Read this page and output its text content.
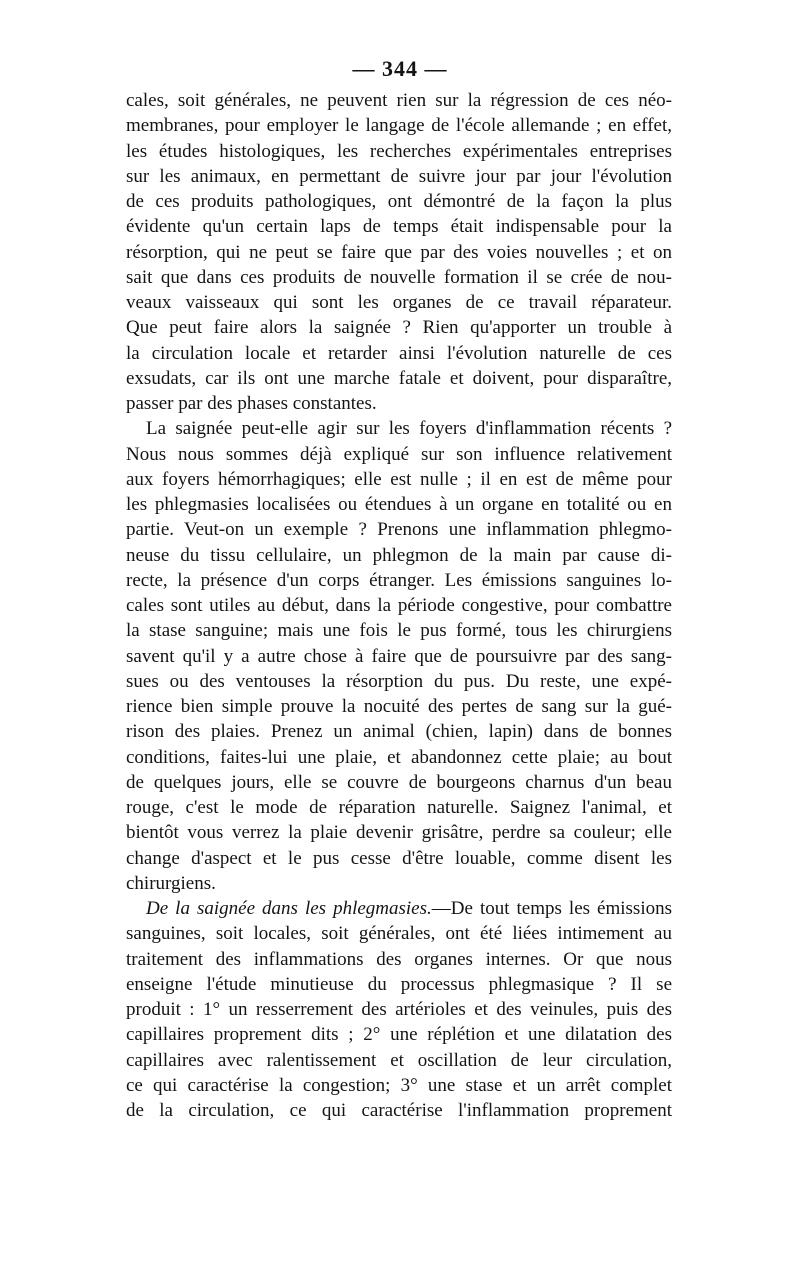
— 344 —
cales, soit générales, ne peuvent rien sur la régression de ces néo-
membranes, pour employer le langage de l'école allemande ; en effet,
les études histologiques, les recherches expérimentales entreprises
sur les animaux, en permettant de suivre jour par jour l'évolution
de ces produits pathologiques, ont démontré de la façon la plus
évidente qu'un certain laps de temps était indispensable pour la
résorption, qui ne peut se faire que par des voies nouvelles ; et on
sait que dans ces produits de nouvelle formation il se crée de nou-
veaux vaisseaux qui sont les organes de ce travail réparateur.
Que peut faire alors la saignée ? Rien qu'apporter un trouble à
la circulation locale et retarder ainsi l'évolution naturelle de ces
exsudats, car ils ont une marche fatale et doivent, pour disparaître,
passer par des phases constantes.
La saignée peut-elle agir sur les foyers d'inflammation récents ?
Nous nous sommes déjà expliqué sur son influence relativement
aux foyers hémorrhagiques; elle est nulle ; il en est de même pour
les phlegmasies localisées ou étendues à un organe en totalité ou en
partie. Veut-on un exemple ? Prenons une inflammation phlegmo-
neuse du tissu cellulaire, un phlegmon de la main par cause di-
recte, la présence d'un corps étranger. Les émissions sanguines lo-
cales sont utiles au début, dans la période congestive, pour combattre
la stase sanguine; mais une fois le pus formé, tous les chirurgiens
savent qu'il y a autre chose à faire que de poursuivre par des sang-
sues ou des ventouses la résorption du pus. Du reste, une expé-
rience bien simple prouve la nocuité des pertes de sang sur la gué-
rison des plaies. Prenez un animal (chien, lapin) dans de bonnes
conditions, faites-lui une plaie, et abandonnez cette plaie; au bout
de quelques jours, elle se couvre de bourgeons charnus d'un beau
rouge, c'est le mode de réparation naturelle. Saignez l'animal, et
bientôt vous verrez la plaie devenir grisâtre, perdre sa couleur; elle
change d'aspect et le pus cesse d'être louable, comme disent les
chirurgiens.
De la saignée dans les phlegmasies.—De tout temps les émissions
sanguines, soit locales, soit générales, ont été liées intimement au
traitement des inflammations des organes internes. Or que nous
enseigne l'étude minutieuse du processus phlegmasique ? Il se
produit : 1° un resserrement des artérioles et des veinules, puis des
capillaires proprement dits ; 2° une réplétion et une dilatation des
capillaires avec ralentissement et oscillation de leur circulation,
ce qui caractérise la congestion; 3° une stase et un arrêt complet
de la circulation, ce qui caractérise l'inflammation proprement
